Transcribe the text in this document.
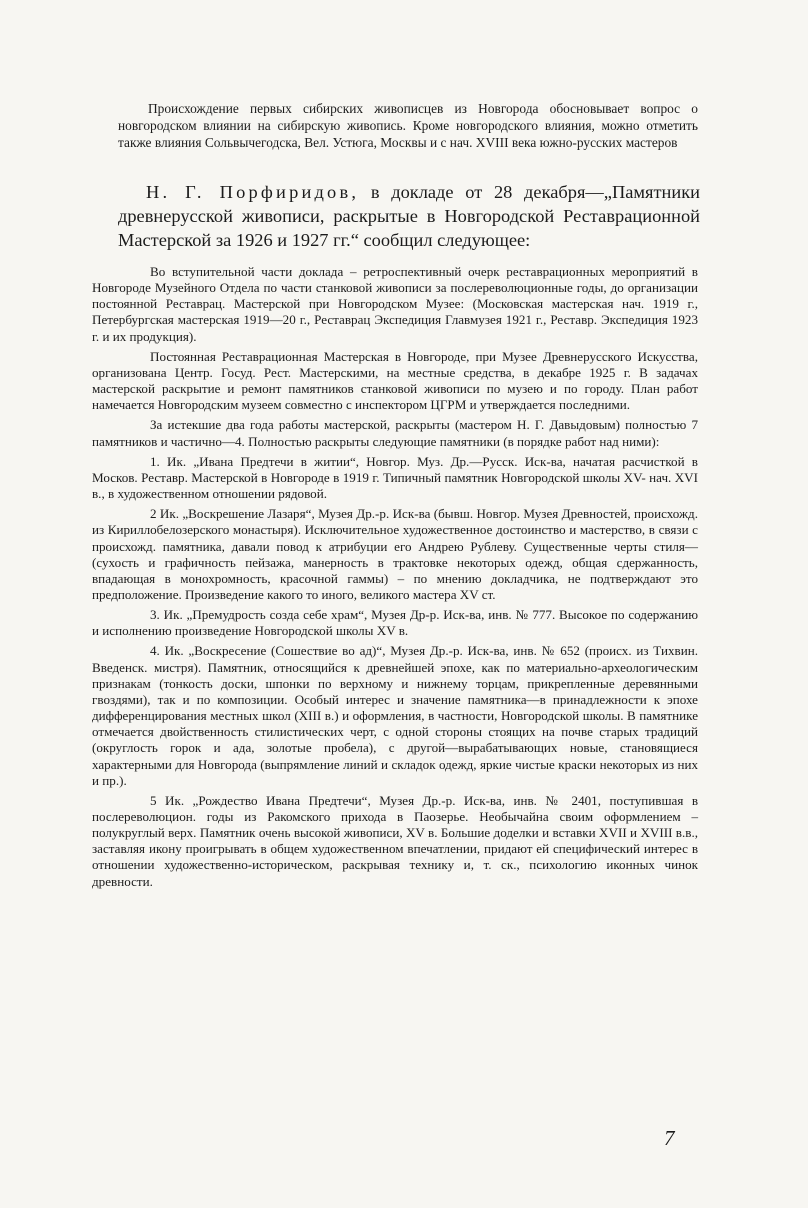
Происхождение первых сибирских живописцев из Новгорода обосновывает вопрос о новгородском влиянии на сибирскую живопись. Кроме новгородского влияния, можно отметить также влияния Сольвычегодска, Вел. Устюга, Москвы и с нач. XVIII века южно-русских мастеров

Н. Г. Порфиридов, в докладе от 28 декабря—„Памятники древнерусской живописи, раскрытые в Новгородской Реставрационной Мастерской за 1926 и 1927 гг.“ сообщил следующее:

Во вступительной части доклада – ретроспективный очерк реставрационных мероприятий в Новгороде Музейного Отдела по части станковой живописи за послереволюционные годы, до организации постоянной Реставрац. Мастерской при Новгородском Музее: (Московская мастерская нач. 1919 г., Петербургская мастерская 1919—20 г., Реставрац Экспедиция Главмузея 1921 г., Реставр. Экспедиция 1923 г. и их продукция).

Постоянная Реставрационная Мастерская в Новгороде, при Музее Древнерусского Искусства, организована Центр. Госуд. Рест. Мастерскими, на местные средства, в декабре 1925 г. В задачах мастерской раскрытие и ремонт памятников станковой живописи по музею и по городу. План работ намечается Новгородским музеем совместно с инспектором ЦГРМ и утверждается последними.

За истекшие два года работы мастерской, раскрыты (мастером Н. Г. Давыдовым) полностью 7 памятников и частично—4. Полностью раскрыты следующие памятники (в порядке работ над ними):

1. Ик. „Ивана Предтечи в житии“, Новгор. Муз. Др.—Русск. Иск-ва, начатая расчисткой в Москов. Реставр. Мастерской в Новгороде в 1919 г. Типичный памятник Новгородской школы XV- нач. XVI в., в художественном отношении рядовой.

2 Ик. „Воскрешение Лазаря“, Музея Др.-р. Иск-ва (бывш. Новгор. Музея Древностей, происхожд. из Кириллобелозерского монастыря). Исключительное художественное достоинство и мастерство, в связи с происхожд. памятника, давали повод к атрибуции его Андрею Рублеву. Существенные черты стиля—(сухость и графичность пейзажа, манерность в трактовке некоторых одежд, общая сдержанность, впадающая в монохромность, красочной гаммы) – по мнению докладчика, не подтверждают это предположение. Произведение какого то иного, великого мастера XV ст.

3. Ик. „Премудрость созда себе храм“, Музея Др-р. Иск-ва, инв. № 777. Высокое по содержанию и исполнению произведение Новгородской школы XV в.

4. Ик. „Воскресение (Сошествие во ад)“, Музея Др.-р. Иск-ва, инв. № 652 (происх. из Тихвин. Введенск. мистря). Памятник, относящийся к древнейшей эпохе, как по материально-археологическим признакам (тонкость доски, шпонки по верхному и нижнему торцам, прикрепленные деревянными гвоздями), так и по композиции. Особый интерес и значение памятника—в принадлежности к эпохе дифференцирования местных школ (XIII в.) и оформления, в частности, Новгородской школы. В памятнике отмечается двойственность стилистических черт, с одной стороны стоящих на почве старых традиций (округлость горок и ада, золотые пробела), с другой—вырабатывающих новые, становящиеся характерными для Новгорода (выпрямление линий и складок одежд, яркие чистые краски некоторых из них и пр.).

5 Ик. „Рождество Ивана Предтечи“, Музея Др.-р. Иск-ва, инв. № 2401, поступившая в послереволюцион. годы из Ракомского прихода в Паозерье. Необычайна своим оформлением – полукруглый верх. Памятник очень высокой живописи, XV в. Большие доделки и вставки XVII и XVIII в.в., заставляя икону проигрывать в общем художественном впечатлении, придают ей специфический интерес в отношении художественно-историческом, раскрывая технику и, т. ск., психологию иконных чинок древности.

7
